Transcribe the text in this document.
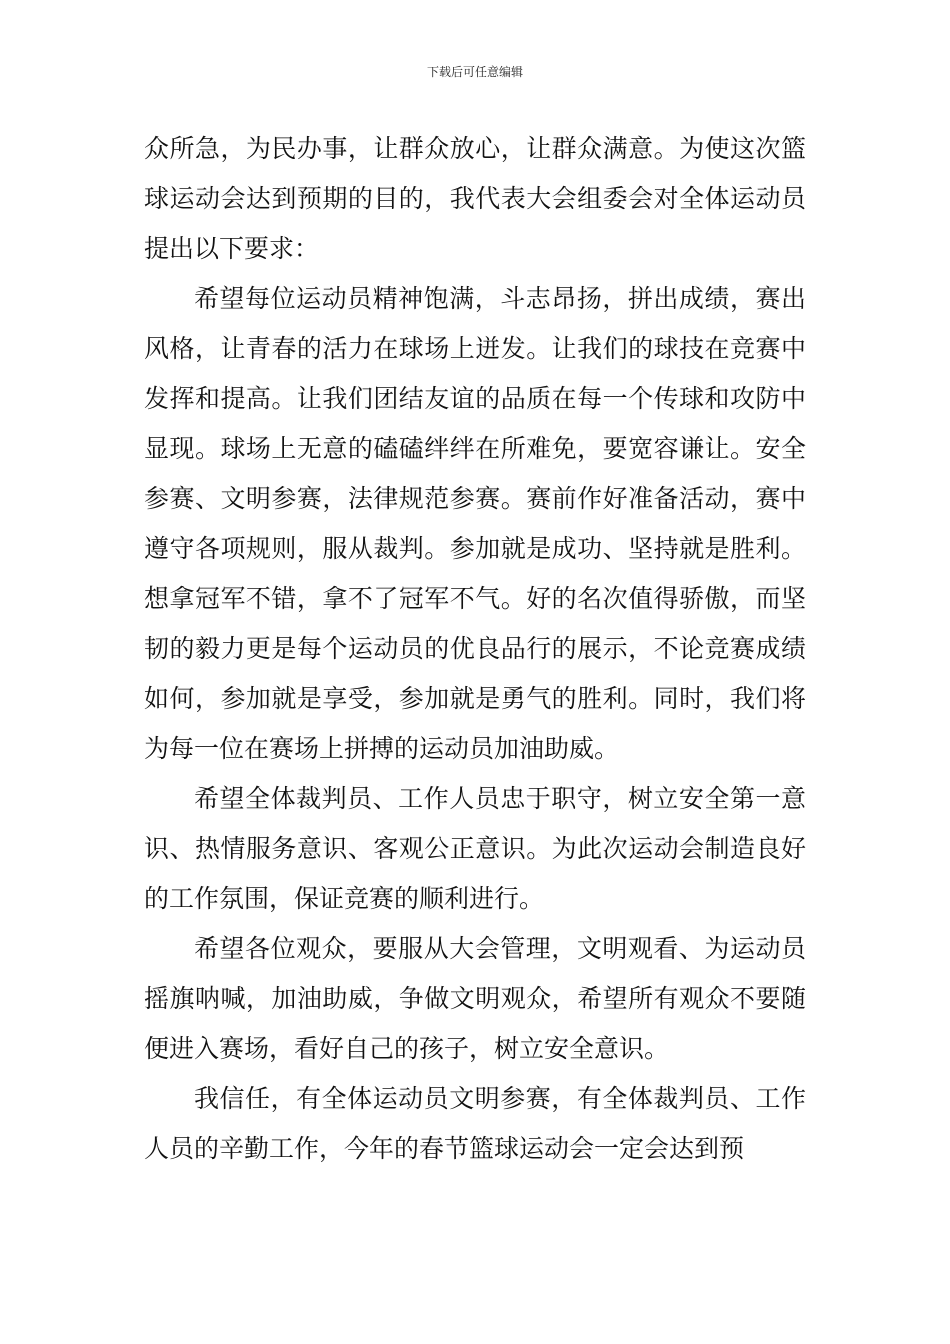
下载后可任意编辑

众所急，为民办事，让群众放心，让群众满意。为使这次篮球运动会达到预期的目的，我代表大会组委会对全体运动员提出以下要求：

希望每位运动员精神饱满，斗志昂扬，拼出成绩，赛出风格，让青春的活力在球场上迸发。让我们的球技在竞赛中发挥和提高。让我们团结友谊的品质在每一个传球和攻防中显现。球场上无意的磕磕绊绊在所难免，要宽容谦让。安全参赛、文明参赛，法律规范参赛。赛前作好准备活动，赛中遵守各项规则，服从裁判。参加就是成功、坚持就是胜利。想拿冠军不错，拿不了冠军不气。好的名次值得骄傲，而坚韧的毅力更是每个运动员的优良品行的展示，不论竞赛成绩如何，参加就是享受，参加就是勇气的胜利。同时，我们将为每一位在赛场上拼搏的运动员加油助威。

希望全体裁判员、工作人员忠于职守，树立安全第一意识、热情服务意识、客观公正意识。为此次运动会制造良好的工作氛围，保证竞赛的顺利进行。

希望各位观众，要服从大会管理，文明观看、为运动员摇旗呐喊，加油助威，争做文明观众，希望所有观众不要随便进入赛场，看好自己的孩子，树立安全意识。

我信任，有全体运动员文明参赛，有全体裁判员、工作人员的辛勤工作，今年的春节篮球运动会一定会达到预
